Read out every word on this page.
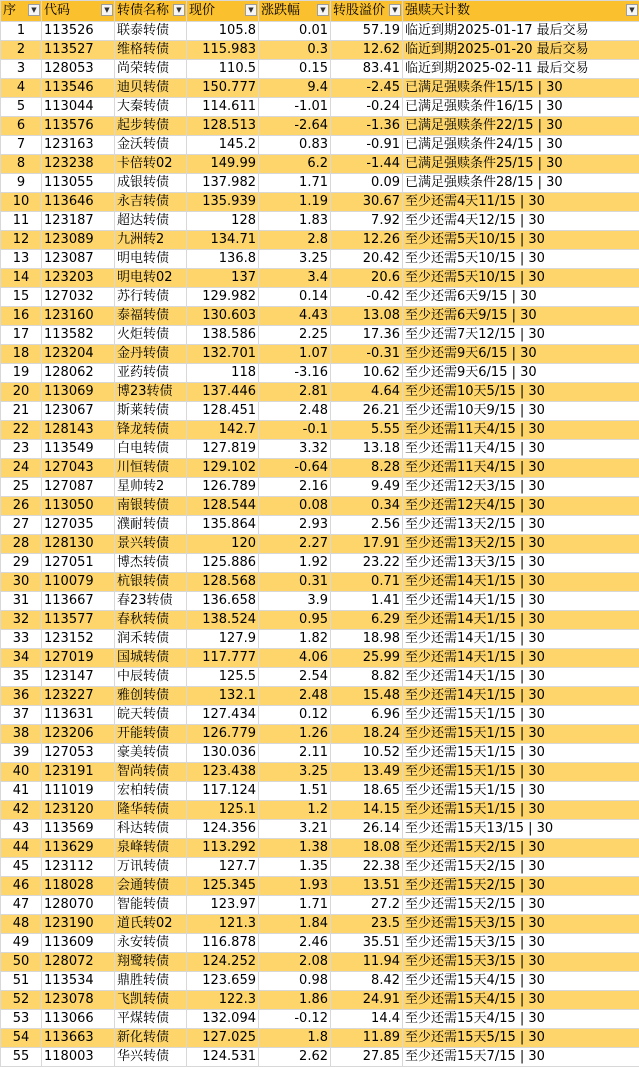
序 ▼	代码 ▼	转债名称 ▼	现价 ▼	涨跌幅 ▼	转股溢价 ▼	强赎天计数 ▼

1	113526	联泰转债	105.8	0.01	57.19	临近到期2025-01-17 最后交易
2	113527	维格转债	115.983	0.3	12.62	临近到期2025-01-20 最后交易
3	128053	尚荣转债	110.5	0.15	83.41	临近到期2025-02-11 最后交易
4	113546	迪贝转债	150.777	9.4	-2.45	已满足强赎条件15/15 | 30
5	113044	大秦转债	114.611	-1.01	-0.24	已满足强赎条件16/15 | 30
6	113576	起步转债	128.513	-2.64	-1.36	已满足强赎条件22/15 | 30
7	123163	金沃转债	145.2	0.83	-0.91	已满足强赎条件24/15 | 30
8	123238	卡倍转02	149.99	6.2	-1.44	已满足强赎条件25/15 | 30
9	113055	成银转债	137.982	1.71	0.09	已满足强赎条件28/15 | 30
10	113646	永吉转债	135.939	1.19	30.67	至少还需4天11/15 | 30
11	123187	超达转债	128	1.83	7.92	至少还需4天12/15 | 30
12	123089	九洲转2	134.71	2.8	12.26	至少还需5天10/15 | 30
13	123087	明电转债	136.8	3.25	20.42	至少还需5天10/15 | 30
14	123203	明电转02	137	3.4	20.6	至少还需5天10/15 | 30
15	127032	苏行转债	129.982	0.14	-0.42	至少还需6天9/15 | 30
16	123160	泰福转债	130.603	4.43	13.08	至少还需6天9/15 | 30
17	113582	火炬转债	138.586	2.25	17.36	至少还需7天12/15 | 30
18	123204	金丹转债	132.701	1.07	-0.31	至少还需9天6/15 | 30
19	128062	亚药转债	118	-3.16	10.62	至少还需9天6/15 | 30
20	113069	博23转债	137.446	2.81	4.64	至少还需10天5/15 | 30
21	123067	斯莱转债	128.451	2.48	26.21	至少还需10天9/15 | 30
22	128143	锋龙转债	142.7	-0.1	5.55	至少还需11天4/15 | 30
23	113549	白电转债	127.819	3.32	13.18	至少还需11天4/15 | 30
24	127043	川恒转债	129.102	-0.64	8.28	至少还需11天4/15 | 30
25	127087	星帅转2	126.789	2.16	9.49	至少还需12天3/15 | 30
26	113050	南银转债	128.544	0.08	0.34	至少还需12天4/15 | 30
27	127035	濮耐转债	135.864	2.93	2.56	至少还需13天2/15 | 30
28	128130	景兴转债	120	2.27	17.91	至少还需13天2/15 | 30
29	127051	博杰转债	125.886	1.92	23.22	至少还需13天3/15 | 30
30	110079	杭银转债	128.568	0.31	0.71	至少还需14天1/15 | 30
31	113667	春23转债	136.658	3.9	1.41	至少还需14天1/15 | 30
32	113577	春秋转债	138.524	0.95	6.29	至少还需14天1/15 | 30
33	123152	润禾转债	127.9	1.82	18.98	至少还需14天1/15 | 30
34	127019	国城转债	117.777	4.06	25.99	至少还需14天1/15 | 30
35	123147	中辰转债	125.5	2.54	8.82	至少还需14天1/15 | 30
36	123227	雅创转债	132.1	2.48	15.48	至少还需14天1/15 | 30
37	113631	皖天转债	127.434	0.12	6.96	至少还需15天1/15 | 30
38	123206	开能转债	126.779	1.26	18.24	至少还需15天1/15 | 30
39	127053	豪美转债	130.036	2.11	10.52	至少还需15天1/15 | 30
40	123191	智尚转债	123.438	3.25	13.49	至少还需15天1/15 | 30
41	111019	宏柏转债	117.124	1.51	18.65	至少还需15天1/15 | 30
42	123120	隆华转债	125.1	1.2	14.15	至少还需15天1/15 | 30
43	113569	科达转债	124.356	3.21	26.14	至少还需15天13/15 | 30
44	113629	泉峰转债	113.292	1.38	18.08	至少还需15天2/15 | 30
45	123112	万讯转债	127.7	1.35	22.38	至少还需15天2/15 | 30
46	118028	会通转债	125.345	1.93	13.51	至少还需15天2/15 | 30
47	128070	智能转债	123.97	1.71	27.2	至少还需15天2/15 | 30
48	123190	道氏转02	121.3	1.84	23.5	至少还需15天3/15 | 30
49	113609	永安转债	116.878	2.46	35.51	至少还需15天3/15 | 30
50	128072	翔鹭转债	124.252	2.08	11.94	至少还需15天3/15 | 30
51	113534	鼎胜转债	123.659	0.98	8.42	至少还需15天4/15 | 30
52	123078	飞凯转债	122.3	1.86	24.91	至少还需15天4/15 | 30
53	113066	平煤转债	132.094	-0.12	14.4	至少还需15天4/15 | 30
54	113663	新化转债	127.025	1.8	11.89	至少还需15天5/15 | 30
55	118003	华兴转债	124.531	2.62	27.85	至少还需15天7/15 | 30
